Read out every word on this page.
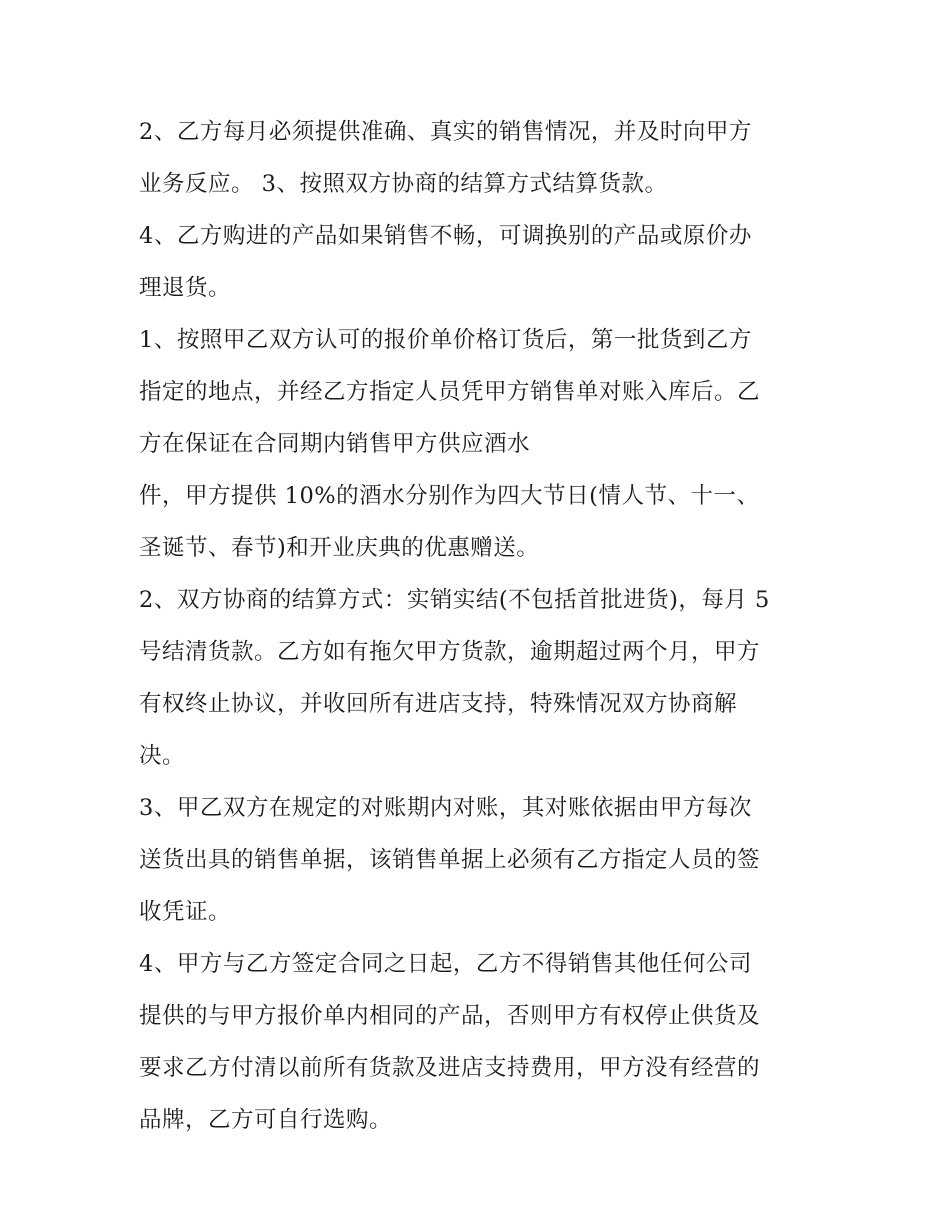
2、乙方每月必须提供准确、真实的销售情况，并及时向甲方
业务反应。 3、按照双方协商的结算方式结算货款。
4、乙方购进的产品如果销售不畅，可调换别的产品或原价办
理退货。
1、按照甲乙双方认可的报价单价格订货后，第一批货到乙方
指定的地点，并经乙方指定人员凭甲方销售单对账入库后。乙
方在保证在合同期内销售甲方供应酒水
件，甲方提供 10%的酒水分别作为四大节日(情人节、十一、
圣诞节、春节)和开业庆典的优惠赠送。
2、双方协商的结算方式：实销实结(不包括首批进货)，每月 5
号结清货款。乙方如有拖欠甲方货款，逾期超过两个月，甲方
有权终止协议，并收回所有进店支持，特殊情况双方协商解
决。
3、甲乙双方在规定的对账期内对账，其对账依据由甲方每次
送货出具的销售单据，该销售单据上必须有乙方指定人员的签
收凭证。
4、甲方与乙方签定合同之日起，乙方不得销售其他任何公司
提供的与甲方报价单内相同的产品，否则甲方有权停止供货及
要求乙方付清以前所有货款及进店支持费用，甲方没有经营的
品牌，乙方可自行选购。
